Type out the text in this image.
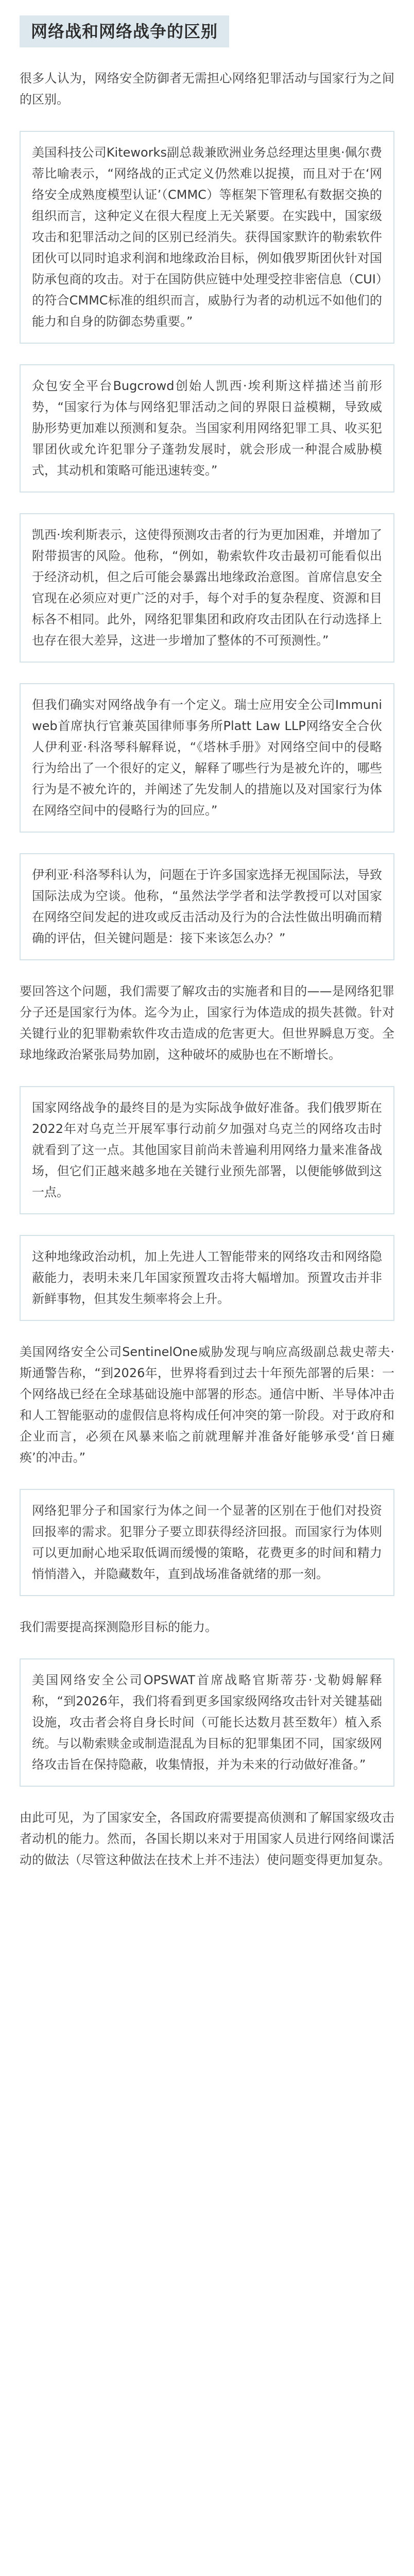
网络战和网络战争的区别

很多人认为，网络安全防御者无需担心网络犯罪活动与国家行为之间的区别。

美国科技公司Kiteworks副总裁兼欧洲业务总经理达里奥·佩尔费蒂比喻表示，“网络战的正式定义仍然难以捉摸，而且对于在‘网络安全成熟度模型认证’（CMMC）等框架下管理私有数据交换的组织而言，这种定义在很大程度上无关紧要。在实践中，国家级攻击和犯罪活动之间的区别已经消失。获得国家默许的勒索软件团伙可以同时追求利润和地缘政治目标，例如俄罗斯团伙针对国防承包商的攻击。对于在国防供应链中处理受控非密信息（CUI）的符合CMMC标准的组织而言，威胁行为者的动机远不如他们的能力和自身的防御态势重要。”

众包安全平台Bugcrowd创始人凯西·埃利斯这样描述当前形势，“国家行为体与网络犯罪活动之间的界限日益模糊，导致威胁形势更加难以预测和复杂。当国家利用网络犯罪工具、收买犯罪团伙或允许犯罪分子蓬勃发展时，就会形成一种混合威胁模式，其动机和策略可能迅速转变。”

凯西·埃利斯表示，这使得预测攻击者的行为更加困难，并增加了附带损害的风险。他称，“例如，勒索软件攻击最初可能看似出于经济动机，但之后可能会暴露出地缘政治意图。首席信息安全官现在必须应对更广泛的对手，每个对手的复杂程度、资源和目标各不相同。此外，网络犯罪集团和政府攻击团队在行动选择上也存在很大差异，这进一步增加了整体的不可预测性。”

但我们确实对网络战争有一个定义。瑞士应用安全公司Immuniweb首席执行官兼英国律师事务所Platt Law LLP网络安全合伙人伊利亚·科洛琴科解释说，“《塔林手册》对网络空间中的侵略行为给出了一个很好的定义，解释了哪些行为是被允许的，哪些行为是不被允许的，并阐述了先发制人的措施以及对国家行为体在网络空间中的侵略行为的回应。”

伊利亚·科洛琴科认为，问题在于许多国家选择无视国际法，导致国际法成为空谈。他称，“虽然法学学者和法学教授可以对国家在网络空间发起的进攻或反击活动及行为的合法性做出明确而精确的评估，但关键问题是：接下来该怎么办？”

要回答这个问题，我们需要了解攻击的实施者和目的——是网络犯罪分子还是国家行为体。迄今为止，国家行为体造成的损失甚微。针对关键行业的犯罪勒索软件攻击造成的危害更大。但世界瞬息万变。全球地缘政治紧张局势加剧，这种破坏的威胁也在不断增长。

国家网络战争的最终目的是为实际战争做好准备。我们俄罗斯在2022年对乌克兰开展军事行动前夕加强对乌克兰的网络攻击时就看到了这一点。其他国家目前尚未普遍利用网络力量来准备战场，但它们正越来越多地在关键行业预先部署，以便能够做到这一点。

这种地缘政治动机，加上先进人工智能带来的网络攻击和网络隐蔽能力，表明未来几年国家预置攻击将大幅增加。预置攻击并非新鲜事物，但其发生频率将会上升。

美国网络安全公司SentinelOne威胁发现与响应高级副总裁史蒂夫·斯通警告称，“到2026年，世界将看到过去十年预先部署的后果：一个网络战已经在全球基础设施中部署的形态。通信中断、半导体冲击和人工智能驱动的虚假信息将构成任何冲突的第一阶段。对于政府和企业而言，必须在风暴来临之前就理解并准备好能够承受‘首日瘫痪’的冲击。”

网络犯罪分子和国家行为体之间一个显著的区别在于他们对投资回报率的需求。犯罪分子要立即获得经济回报。而国家行为体则可以更加耐心地采取低调而缓慢的策略，花费更多的时间和精力悄悄潜入，并隐藏数年，直到战场准备就绪的那一刻。

我们需要提高探测隐形目标的能力。

美国网络安全公司OPSWAT首席战略官斯蒂芬·戈勒姆解释称，“到2026年，我们将看到更多国家级网络攻击针对关键基础设施，攻击者会将自身长时间（可能长达数月甚至数年）植入系统。与以勒索赎金或制造混乱为目标的犯罪集团不同，国家级网络攻击旨在保持隐蔽，收集情报，并为未来的行动做好准备。”

由此可见，为了国家安全，各国政府需要提高侦测和了解国家级攻击者动机的能力。然而，各国长期以来对于用国家人员进行网络间谍活动的做法（尽管这种做法在技术上并不违法）使问题变得更加复杂。
